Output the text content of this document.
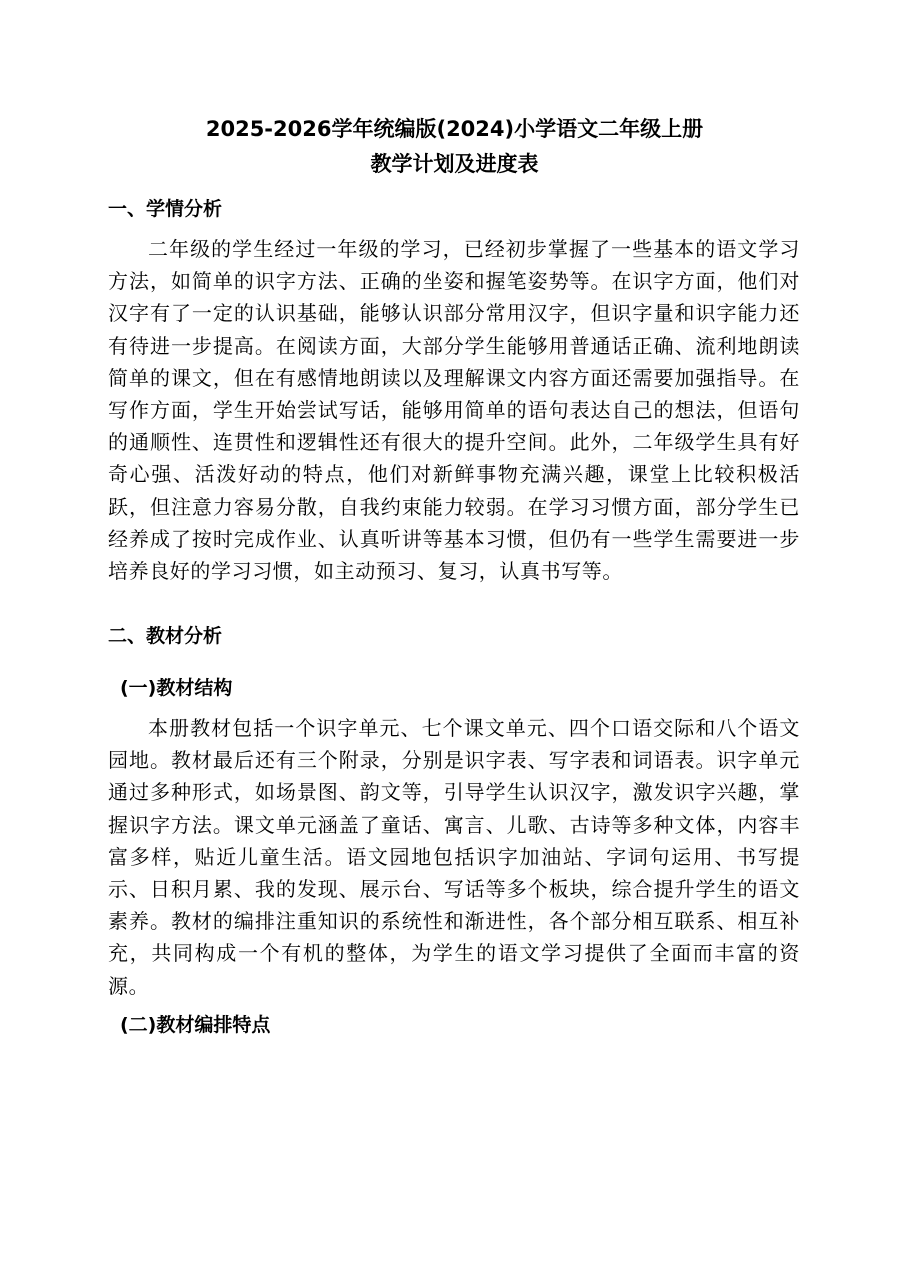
2025-2026学年统编版(2024)小学语文二年级上册
教学计划及进度表
一、学情分析

二年级的学生经过一年级的学习，已经初步掌握了一些基本的语文学习方法，如简单的识字方法、正确的坐姿和握笔姿势等。在识字方面，他们对汉字有了一定的认识基础，能够认识部分常用汉字，但识字量和识字能力还有待进一步提高。在阅读方面，大部分学生能够用普通话正确、流利地朗读简单的课文，但在有感情地朗读以及理解课文内容方面还需要加强指导。在写作方面，学生开始尝试写话，能够用简单的语句表达自己的想法，但语句的通顺性、连贯性和逻辑性还有很大的提升空间。此外，二年级学生具有好奇心强、活泼好动的特点，他们对新鲜事物充满兴趣，课堂上比较积极活跃，但注意力容易分散，自我约束能力较弱。在学习习惯方面，部分学生已经养成了按时完成作业、认真听讲等基本习惯，但仍有一些学生需要进一步培养良好的学习习惯，如主动预习、复习，认真书写等。

二、教材分析
(一)教材结构

本册教材包括一个识字单元、七个课文单元、四个口语交际和八个语文园地。教材最后还有三个附录，分别是识字表、写字表和词语表。识字单元通过多种形式，如场景图、韵文等，引导学生认识汉字，激发识字兴趣，掌握识字方法。课文单元涵盖了童话、寓言、儿歌、古诗等多种文体，内容丰富多样，贴近儿童生活。语文园地包括识字加油站、字词句运用、书写提示、日积月累、我的发现、展示台、写话等多个板块，综合提升学生的语文素养。教材的编排注重知识的系统性和渐进性，各个部分相互联系、相互补充，共同构成一个有机的整体，为学生的语文学习提供了全面而丰富的资源。

(二)教材编排特点
